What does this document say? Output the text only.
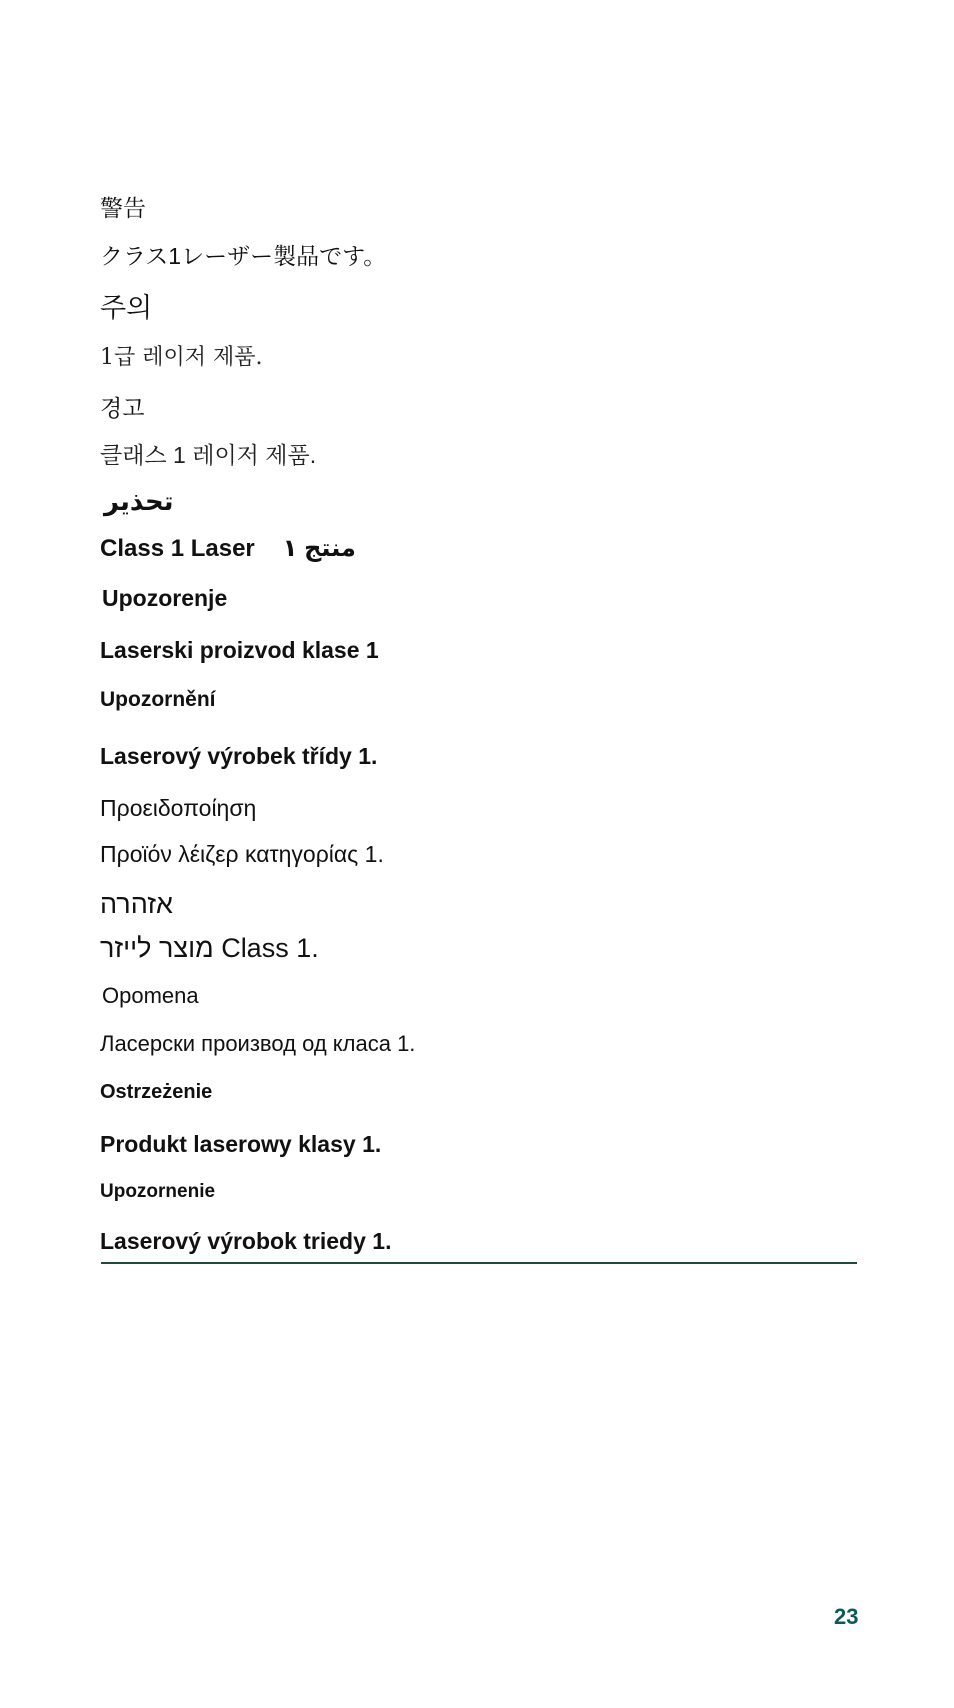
警告
クラス1レーザー製品です。
주의
1급 레이저 제품.
경고
클래스 1 레이저 제품.
تحذير
Class 1 Laser منتج ١
Upozorenje
Laserski proizvod klase 1
Upozornění
Laserový výrobek třídy 1.
Προειδοποίηση
Προϊόν λέιζερ κατηγορίας 1.
אזהרה
מוצר לייזר Class 1.
Opomena
Ласерски производ од класа 1.
Ostrzeżenie
Produkt laserowy klasy 1.
Upozornenie
Laserový výrobok triedy 1.
23
